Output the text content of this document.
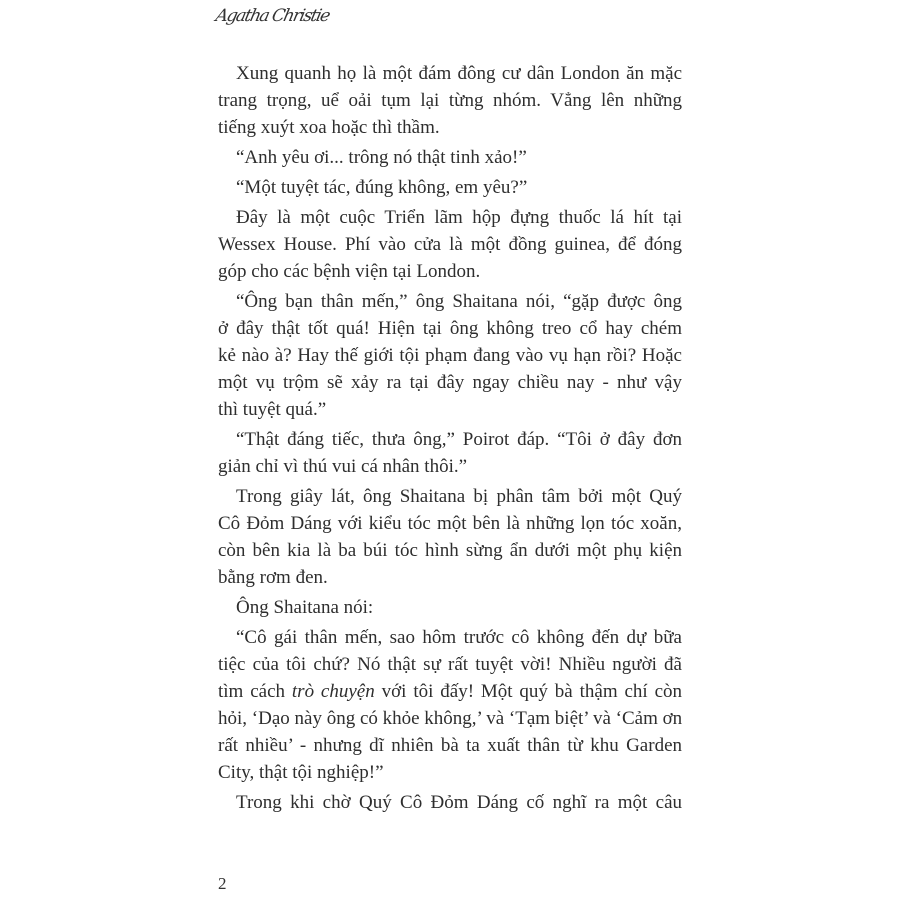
Agatha Christie
Xung quanh họ là một đám đông cư dân London ăn mặc
trang trọng, uể oải tụm lại từng nhóm. Vẳng lên những
tiếng xuýt xoa hoặc thì thầm.
“Anh yêu ơi... trông nó thật tinh xảo!”
“Một tuyệt tác, đúng không, em yêu?”
Đây là một cuộc Triển lãm hộp đựng thuốc lá hít tại
Wessex House. Phí vào cửa là một đồng guinea, để đóng
góp cho các bệnh viện tại London.
“Ông bạn thân mến,” ông Shaitana nói, “gặp được ông
ở đây thật tốt quá! Hiện tại ông không treo cổ hay chém
kẻ nào à? Hay thế giới tội phạm đang vào vụ hạn rồi? Hoặc
một vụ trộm sẽ xảy ra tại đây ngay chiều nay - như vậy
thì tuyệt quá.”
“Thật đáng tiếc, thưa ông,” Poirot đáp. “Tôi ở đây đơn
giản chỉ vì thú vui cá nhân thôi.”
Trong giây lát, ông Shaitana bị phân tâm bởi một Quý
Cô Đỏm Dáng với kiểu tóc một bên là những lọn tóc xoăn,
còn bên kia là ba búi tóc hình sừng ẩn dưới một phụ kiện
bằng rơm đen.
Ông Shaitana nói:
“Cô gái thân mến, sao hôm trước cô không đến dự bữa
tiệc của tôi chứ? Nó thật sự rất tuyệt vời! Nhiều người đã
tìm cách trò chuyện với tôi đấy! Một quý bà thậm chí còn
hỏi, ‘Dạo này ông có khỏe không,’ và ‘Tạm biệt’ và ‘Cảm ơn
rất nhiều’ - nhưng dĩ nhiên bà ta xuất thân từ khu Garden
City, thật tội nghiệp!”
Trong khi chờ Quý Cô Đỏm Dáng cố nghĩ ra một câu
2
